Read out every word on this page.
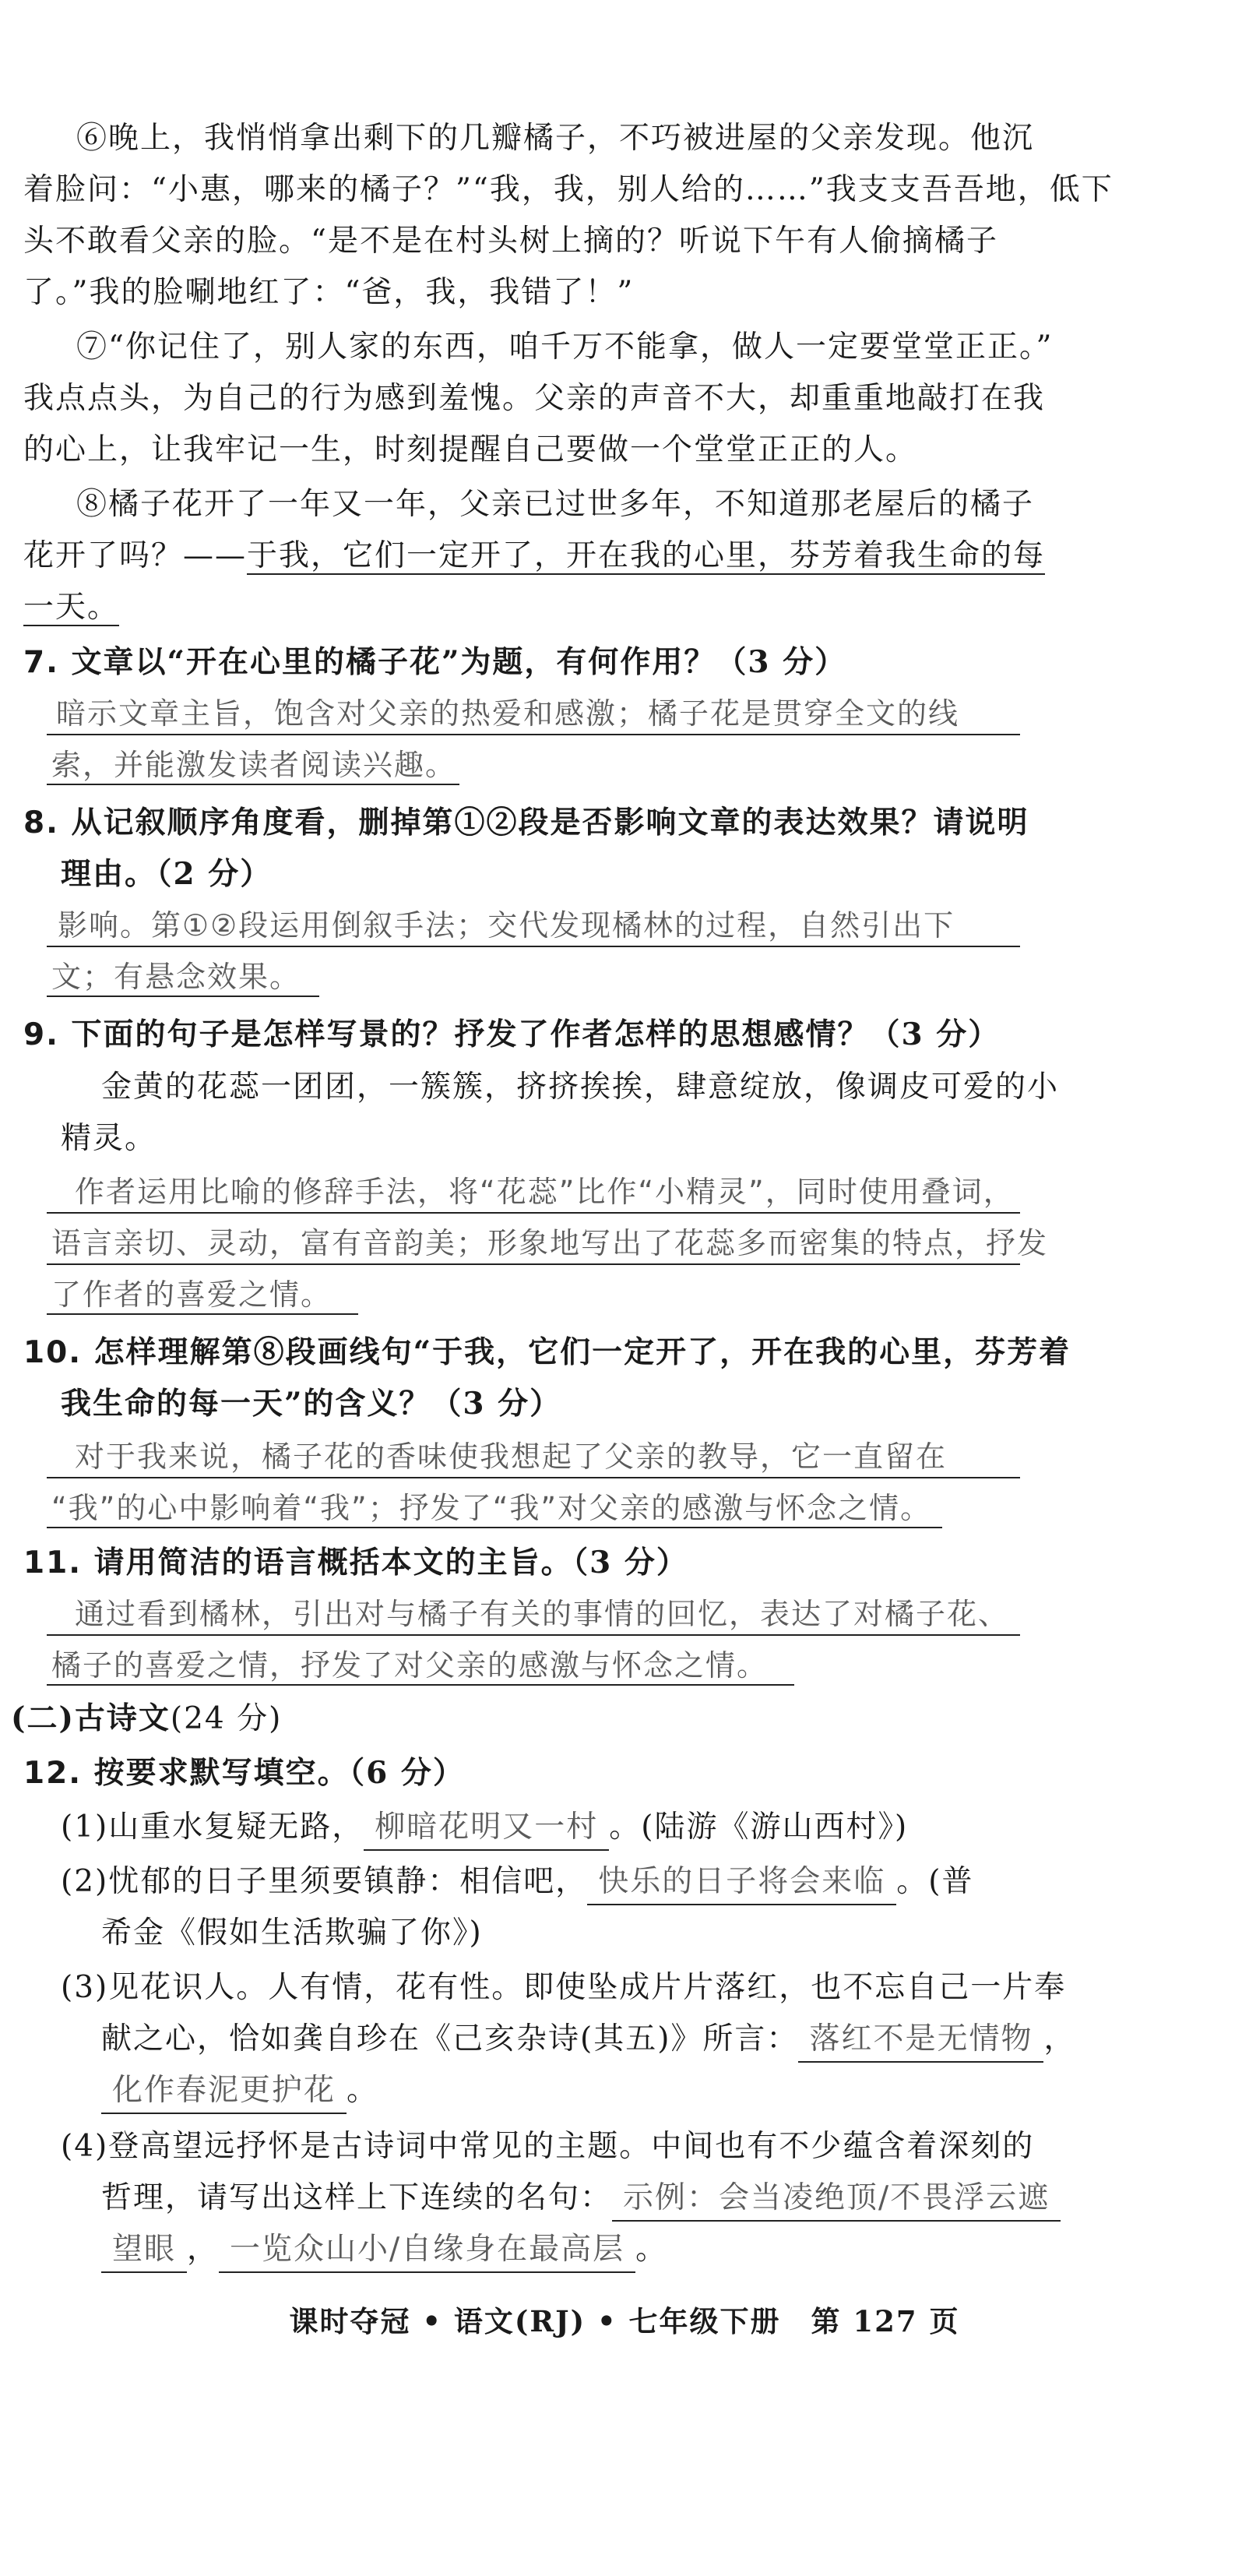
⑥晚上，我悄悄拿出剩下的几瓣橘子，不巧被进屋的父亲发现。他沉
着脸问：“小惠，哪来的橘子？”“我，我，别人给的……”我支支吾吾地，低下
头不敢看父亲的脸。“是不是在村头树上摘的？听说下午有人偷摘橘子
了。”我的脸唰地红了：“爸，我，我错了！”
⑦“你记住了，别人家的东西，咱千万不能拿，做人一定要堂堂正正。”
我点点头，为自己的行为感到羞愧。父亲的声音不大，却重重地敲打在我
的心上，让我牢记一生，时刻提醒自己要做一个堂堂正正的人。
⑧橘子花开了一年又一年，父亲已过世多年，不知道那老屋后的橘子
花开了吗？——于我，它们一定开了，开在我的心里，芬芳着我生命的每
一天。
7. 文章以“开在心里的橘子花”为题，有何作用？（3 分）
暗示文章主旨，饱含对父亲的热爱和感激；橘子花是贯穿全文的线
索，并能激发读者阅读兴趣。
8. 从记叙顺序角度看，删掉第①②段是否影响文章的表达效果？请说明
理由。（2 分）
影响。第①②段运用倒叙手法；交代发现橘林的过程，自然引出下
文；有悬念效果。
9. 下面的句子是怎样写景的？抒发了作者怎样的思想感情？（3 分）
金黄的花蕊一团团，一簇簇，挤挤挨挨，肆意绽放，像调皮可爱的小
精灵。
作者运用比喻的修辞手法，将“花蕊”比作“小精灵”，同时使用叠词，
语言亲切、灵动，富有音韵美；形象地写出了花蕊多而密集的特点，抒发
了作者的喜爱之情。
10. 怎样理解第⑧段画线句“于我，它们一定开了，开在我的心里，芬芳着
我生命的每一天”的含义？（3 分）
对于我来说，橘子花的香味使我想起了父亲的教导，它一直留在
“我”的心中影响着“我”；抒发了“我”对父亲的感激与怀念之情。
11. 请用简洁的语言概括本文的主旨。（3 分）
通过看到橘林，引出对与橘子有关的事情的回忆，表达了对橘子花、
橘子的喜爱之情，抒发了对父亲的感激与怀念之情。
(二)古诗文(24 分)
12. 按要求默写填空。（6 分）
(1)山重水复疑无路， 柳暗花明又一村 。(陆游《游山西村》)
(2)忧郁的日子里须要镇静：相信吧， 快乐的日子将会来临 。(普
希金《假如生活欺骗了你》)
(3)见花识人。人有情，花有性。即使坠成片片落红，也不忘自己一片奉
献之心，恰如龚自珍在《己亥杂诗(其五)》所言： 落红不是无情物 ，
化作春泥更护花 。
(4)登高望远抒怀是古诗词中常见的主题。中间也有不少蕴含着深刻的
哲理，请写出这样上下连续的名句： 示例：会当凌绝顶/不畏浮云遮
望眼 ， 一览众山小/自缘身在最高层 。
课时夺冠 • 语文(RJ) • 七年级下册　第 127 页
